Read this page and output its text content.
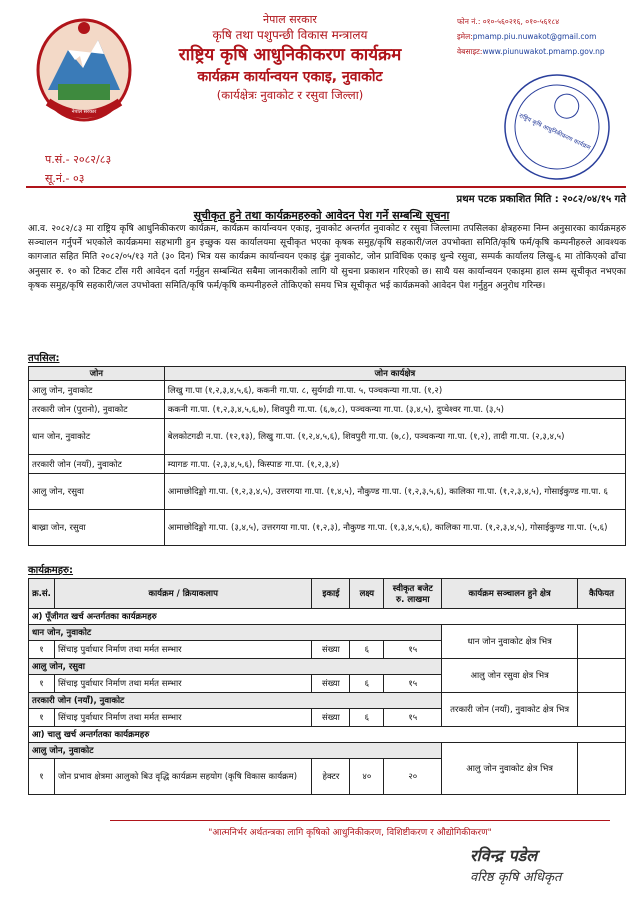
नेपाल सरकार
नेपाल सरकार
कृषि तथा पशुपन्छी विकास मन्त्रालय
राष्ट्रिय कृषि आधुनिकीकरण कार्यक्रम
कार्यक्रम कार्यान्वयन एकाइ, नुवाकोट
(कार्यक्षेत्रः नुवाकोट र रसुवा जिल्ला)
फोन नं.: ०१०-५६०२१६, ०१०-५६१८४
इमेल:pmamp.piu.nuwakot@gmail.com
वेबसाइट:www.piunuwakot.pmamp.gov.np
राष्ट्रिय कृषि आधुनिकीकरण कार्यक्रम
प.सं.- २०८२/८३
सू.नं.- ०३
प्रथम पटक प्रकाशित मिति : २०८२/०४/१५ गते
सूचीकृत हुने तथा कार्यक्रमहरुको आवेदन पेश गर्ने सम्बन्धि सूचना
आ.व. २०८२/८३ मा राष्ट्रिय कृषि आधुनिकीकरण कार्यक्रम, कार्यक्रम कार्यान्वयन एकाइ, नुवाकोट अन्तर्गत नुवाकोट र रसुवा जिल्लामा तपसिलका क्षेत्रहरुमा निम्न अनुसारका कार्यक्रमहरु सञ्चालन गर्नुपर्ने भएकोले कार्यक्रममा सहभागी हुन इच्छुक यस कार्यालयमा सूचीकृत भएका कृषक समुह/कृषि सहकारी/जल उपभोक्ता समिति/कृषि फर्म/कृषि कम्पनीहरुले आवश्यक कागजात सहित मिति २०८२/०५/१३ गते (३० दिन) भित्र यस कार्यक्रम कार्यान्वयन एकाइ दुंङ्ग नुवाकोट, जोन प्राविधिक एकाइ धुन्चे रसुवा, सम्पर्क कार्यालय लिखु-६ मा तोकिएको ढाँचा अनुसार रु. १० को टिकट टाँस गरी आवेदन दर्ता गर्नुहुन सम्बन्धित सबैमा जानकारीको लागि यो सुचना प्रकाशन गरिएको छ। साथै यस कार्यान्वयन एकाइमा हाल सम्म सूचीकृत नभएका कृषक समुह/कृषि सहकारी/जल उपभोक्ता समिति/कृषि फर्म/कृषि कम्पनीहरुले तोकिएको समय भित्र सूचीकृत भई कार्यक्रमको आवेदन पेश गर्नुहुन अनुरोध गरिन्छ।
तपसिल:
जोन	जोन कार्यक्षेत्र
आलु जोन, नुवाकोट	लिखु गा.पा (१,२,३,४,५,६), ककनी गा.पा. ८, सुर्यगढी गा.पा. ५, पञ्चकन्या गा.पा. (१,२)
तरकारी जोन (पुरानो), नुवाकोट	ककनी गा.पा. (१,२,३,४,५,६,७), शिवपुरी गा.पा. (६,७,८), पञ्चकन्या गा.पा. (३,४,५), दुप्चेश्वर गा.पा. (३,५)
धान जोन, नुवाकोट	बेलकोटगढी न.पा. (१२,१३), लिखु गा.पा. (१,२,४,५,६), शिवपुरी गा.पा. (७,८), पञ्चकन्या गा.पा. (१,२), तादी गा.पा. (२,३,४,५)
तरकारी जोन (नयाँ), नुवाकोट	म्यागङ गा.पा. (२,३,४,५,६), किस्पाङ गा.पा. (१,२,३,४)
आलु जोन, रसुवा	आमाछोदिङ्मो गा.पा. (१,२,३,४,५), उत्तरगया गा.पा. (१,४,५), नौकुण्ड गा.पा. (१,२,३,५,६), कालिका गा.पा. (१,२,३,४,५), गोसाईकुण्ड गा.पा. ६
बाख्रा जोन, रसुवा	आमाछोदिङ्मो गा.पा. (३,४,५), उत्तरगया गा.पा. (१,२,३), नौकुण्ड गा.पा. (१,३,४,५,६), कालिका गा.पा. (१,२,३,४,५), गोसाईकुण्ड गा.पा. (५,६)
कार्यक्रमहरु:
क्र.सं.	कार्यक्रम / क्रियाकलाप	इकाई	लक्ष्य	स्वीकृत बजेट रु. लाखमा	कार्यक्रम सञ्चालन हुने क्षेत्र	कैफियत
अ) पूँजीगत खर्च अन्तर्गतका कार्यक्रमहरु						
धान जोन, नुवाकोट					धान जोन नुवाकोट क्षेत्र भित्र	
१	सिंचाइ पुर्वाधार निर्माण तथा मर्मत सम्भार	संख्या	६	१५		
आलु जोन, रसुवा					आलु जोन रसुवा क्षेत्र भित्र	
१	सिंचाइ पुर्वाधार निर्माण तथा मर्मत सम्भार	संख्या	६	१५		
तरकारी जोन (नयाँ), नुवाकोट					तरकारी जोन (नयाँ), नुवाकोट क्षेत्र भित्र	
१	सिंचाइ पुर्वाधार निर्माण तथा मर्मत सम्भार	संख्या	६	१५		
आ) चालु खर्च अन्तर्गतका कार्यक्रमहरु						
आलु जोन, नुवाकोट					आलु जोन नुवाकोट क्षेत्र भित्र	
१	जोन प्रभाव क्षेत्रमा आलुको बिउ वृद्धि कार्यक्रम सहयोग (कृषि विकास कार्यक्रम)	हेक्टर	४०	२०		
"आत्मनिर्भर अर्थतन्त्रका लागि कृषिको आधुनिकीकरण, विशिष्टीकरण र औद्योगिकीकरण"
रविन्द्र पडेल
वरिष्ठ कृषि अधिकृत
